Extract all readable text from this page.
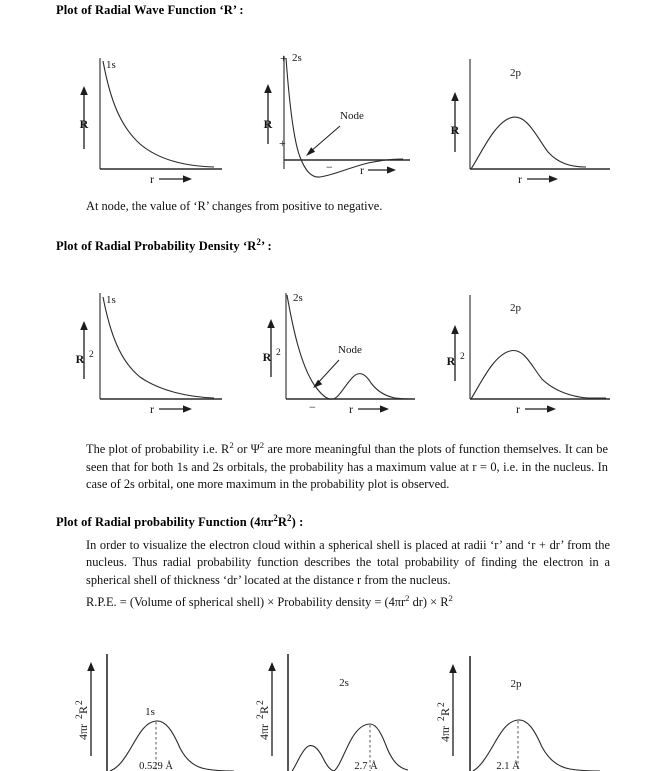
Plot of Radial Wave Function ‘R’ :
R
1s
r
R
+ 2s
+
−
Node
r
R
2p
r
At node, the value of ‘R’ changes from positive to negative.
Plot of Radial Probability Density ‘$R^2$’ :
R 2
1s
r
R 2
2s
−
Node
r
R 2
2p
r
The plot of probability i.e. $R^2$ or $\Psi^2$ are more meaningful than the plots of function themselves. It can be seen that for both 1s and 2s orbitals, the probability has a maximum value at r = 0, i.e. in the nucleus. In case of 2s orbital, one more maximum in the probability plot is observed.
Plot of Radial probability Function $(4\pi r^2R^2)$ :
In order to visualize the electron cloud within a spherical shell is placed at radii ‘r’ and ‘r + dr’ from the nucleus. Thus radial probability function describes the total probability of finding the electron in a spherical shell of thickness ‘dr’ located at the distance r from the nucleus.
R.P.E. = (Volume of spherical shell) × Probability density = ($4\pi r^2$ $dr) \times R^2$
4πr
2
R
2
1s
0.529 Å
4πr
2
R
2
2s
2.7 Å
4πr
2
R
2
2p
2.1 Å
